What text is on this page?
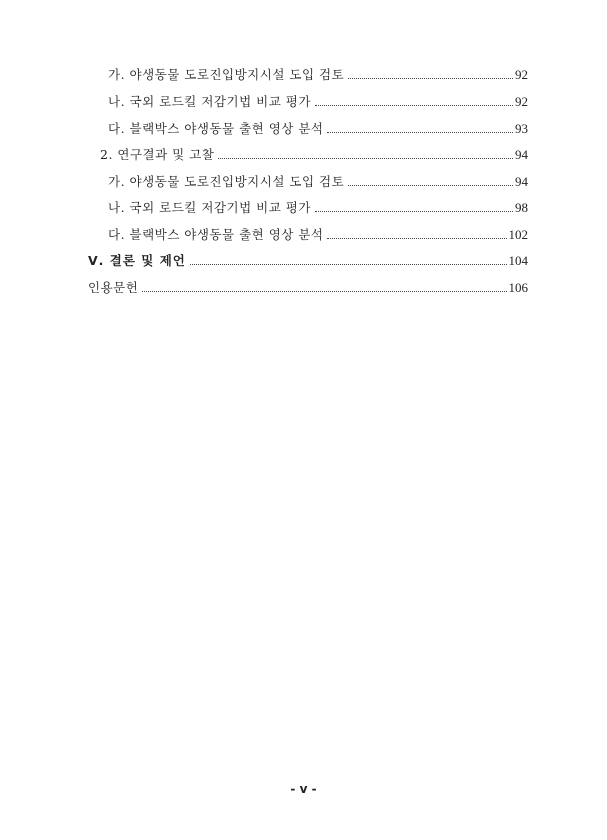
가. 야생동물 도로진입방지시설 도입 검토	92
나. 국외 로드킬 저감기법 비교 평가	92
다. 블랙박스 야생동물 출현 영상 분석	93
2. 연구결과 및 고찰	94
가. 야생동물 도로진입방지시설 도입 검토	94
나. 국외 로드킬 저감기법 비교 평가	98
다. 블랙박스 야생동물 출현 영상 분석	102
Ⅴ. 결론 및 제언	104
인용문헌	106
- v -
